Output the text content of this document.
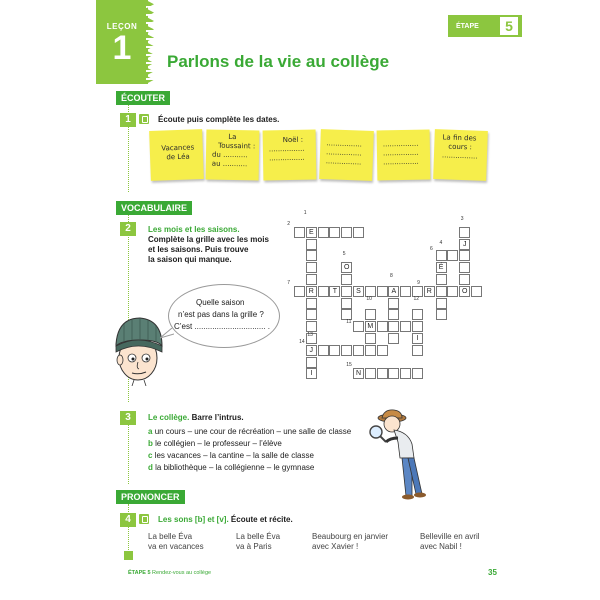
LEÇON
1	Parlons de la vie au collège
ÉTAPE	5
ÉCOUTER
1	Écoute puis complète les dates.
Vacances
de Léa
La
Toussaint :
du ...........
au ...........
Noël :
................
................
................
................
................
................
................
................
La fin des
cours :
................
VOCABULAIRE
2	Les mois et les saisons.
Complète la grille avec les mois
et les saisons. Puis trouve
la saison qui manque.
Quelle saison
n’est pas dans la grille ?
C’est ................................ .
E
R
J
I
J
O	É
T	S	A	R	O
M
I
N
1
2
3
4
5
6
7
8
9
10
11
12
13
14
15
3	Le collège. Barre l’intrus.
a un cours – une cour de récréation – une salle de classe
b le collégien – le professeur – l’élève
c les vacances – la cantine – la salle de classe
d la bibliothèque – la collégienne – le gymnase
PRONONCER
4	Les sons [b] et [v]. Écoute et récite.
La belle Éva
va en vacances
La belle Éva
va à Paris
Beaubourg en janvier
avec Xavier !
Belleville en avril
avec Nabil !
ÉTAPE 5 Rendez-vous au collège	35
